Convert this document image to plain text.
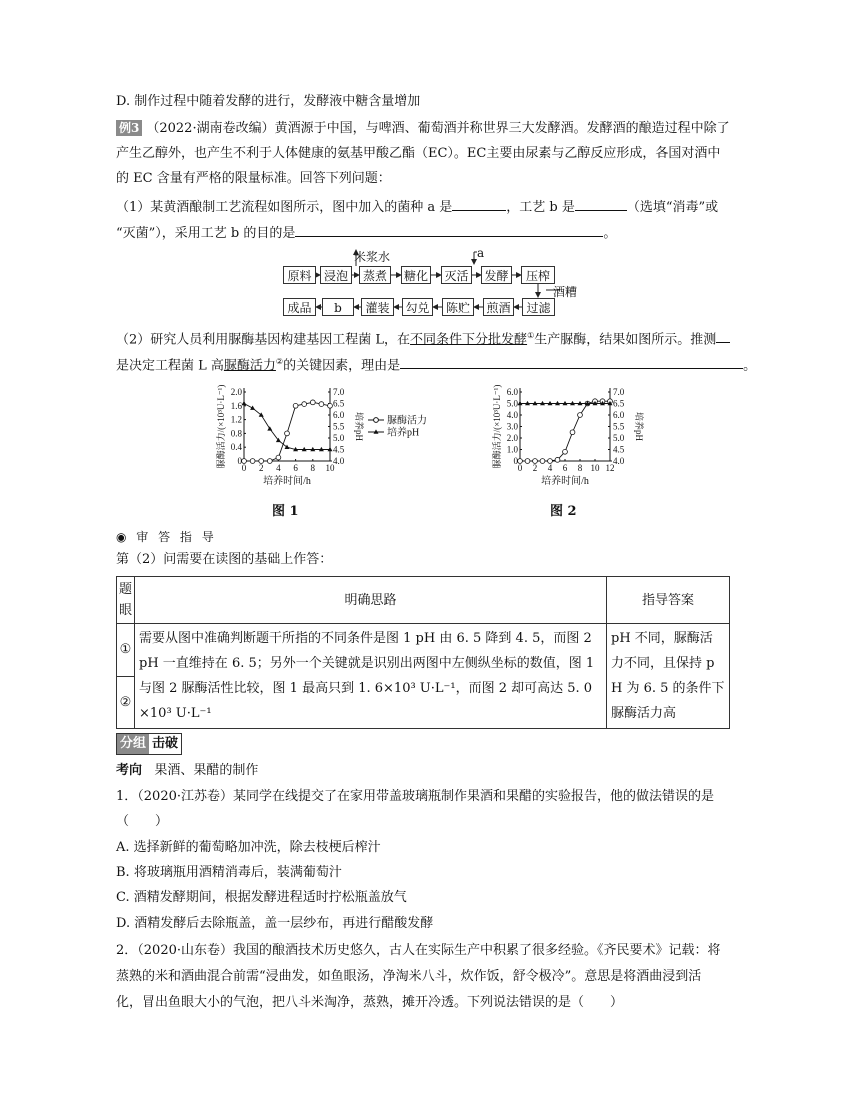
D. 制作过程中随着发酵的进行，发酵液中糖含量增加
例3 （2022·湖南卷改编）黄酒源于中国，与啤酒、葡萄酒并称世界三大发酵酒。发酵酒的酿造过程中除了
产生乙醇外，也产生不利于人体健康的氨基甲酸乙酯（EC）。EC主要由尿素与乙醇反应形成，各国对酒中
的 EC 含量有严格的限量标准。回答下列问题：
（1）某黄酒酿制工艺流程如图所示，图中加入的菌种 a 是	，工艺 b 是	（选填“消毒”或
“灭菌”），采用工艺 b 的目的是	。
原料	浸泡	蒸煮	糖化 灭活 发酵	压榨
成品	b	灌装	勾兑	陈贮	煎酒	过滤
米浆水	a
酒糟
（2）研究人员利用脲酶基因构建基因工程菌 L，在不同条件下分批发酵①生产脲酶，结果如图所示。推测
是决定工程菌 L 高脲酶活力②的关键因素，理由是	。
0 2 4 6 8 10
0
0.4
0.8
1.2
1.6
2.0
4.0
4.5
5.0
5.5
6.0
6.5
7.0
培养时间/h
脲酶活力/(×10³U·L⁻¹)	培养pH 脲酶活力
培养pH
0 2 4 6 8 10 12
0
1.0
2.0
3.0
4.0
5.0
6.0
4.0
4.5
5.0
5.5
6.0
6.5
7.0
培养时间/h
脲酶活力/(×10³U·L⁻¹)	培养pH
图 1	图 2
◉ 审 答 指 导
第（2）问需要在读图的基础上作答：
题
眼	明确思路	指导答案
①	需要从图中准确判断题干所指的不同条件是图 1 pH 由 6. 5 降到 4. 5，而图 2 pH 一直维持在 6. 5；另外一个关键就是识别出两图中左侧纵坐标的数值，图 1 与图 2 脲酶活性比较，图 1 最高只到 1. 6×10³ U·L⁻¹，而图 2 却可高达 5. 0×10³ U·L⁻¹	pH 不同，脲酶活力不同，且保持 pH 为 6. 5 的条件下脲酶活力高
②		
分组 击破
考向 果酒、果醋的制作
1．（2020·江苏卷）某同学在线提交了在家用带盖玻璃瓶制作果酒和果醋的实验报告，他的做法错误的是
（　　）
A. 选择新鲜的葡萄略加冲洗，除去枝梗后榨汁
B. 将玻璃瓶用酒精消毒后，装满葡萄汁
C. 酒精发酵期间，根据发酵进程适时拧松瓶盖放气
D. 酒精发酵后去除瓶盖，盖一层纱布，再进行醋酸发酵
2．（2020·山东卷）我国的酿酒技术历史悠久，古人在实际生产中积累了很多经验。《齐民要术》记载：将
蒸熟的米和酒曲混合前需“浸曲发，如鱼眼汤，净淘米八斗，炊作饭，舒令极冷”。意思是将酒曲浸到活
化，冒出鱼眼大小的气泡，把八斗米淘净，蒸熟，摊开冷透。下列说法错误的是（　　）
